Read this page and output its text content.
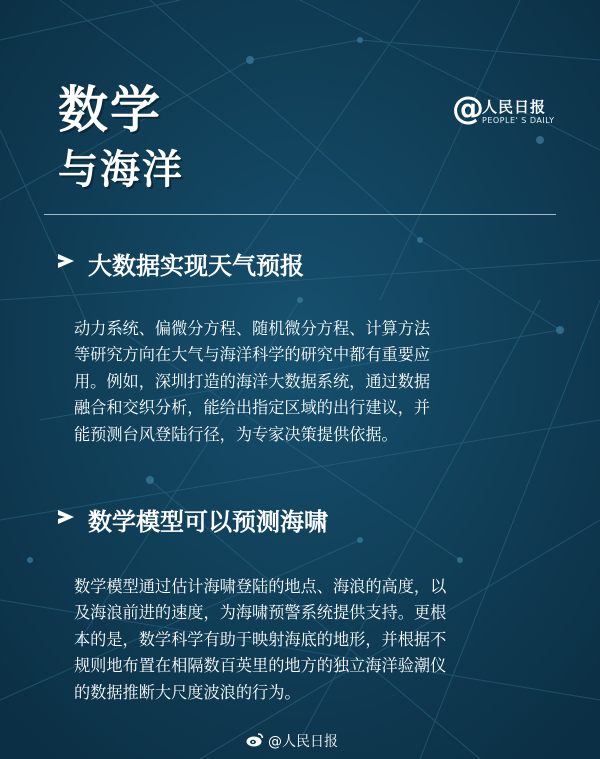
数学
与海洋
@
人民日报
PEOPLE' S DAILY
大数据实现天气预报
动力系统、偏微分方程、随机微分方程、计算方法
等研究方向在大气与海洋科学的研究中都有重要应
用。例如，深圳打造的海洋大数据系统，通过数据
融合和交织分析，能给出指定区域的出行建议，并
能预测台风登陆行径，为专家决策提供依据。
数学模型可以预测海啸
数学模型通过估计海啸登陆的地点、海浪的高度，以
及海浪前进的速度，为海啸预警系统提供支持。更根
本的是，数学科学有助于映射海底的地形，并根据不
规则地布置在相隔数百英里的地方的独立海洋验潮仪
的数据推断大尺度波浪的行为。
@人民日报
